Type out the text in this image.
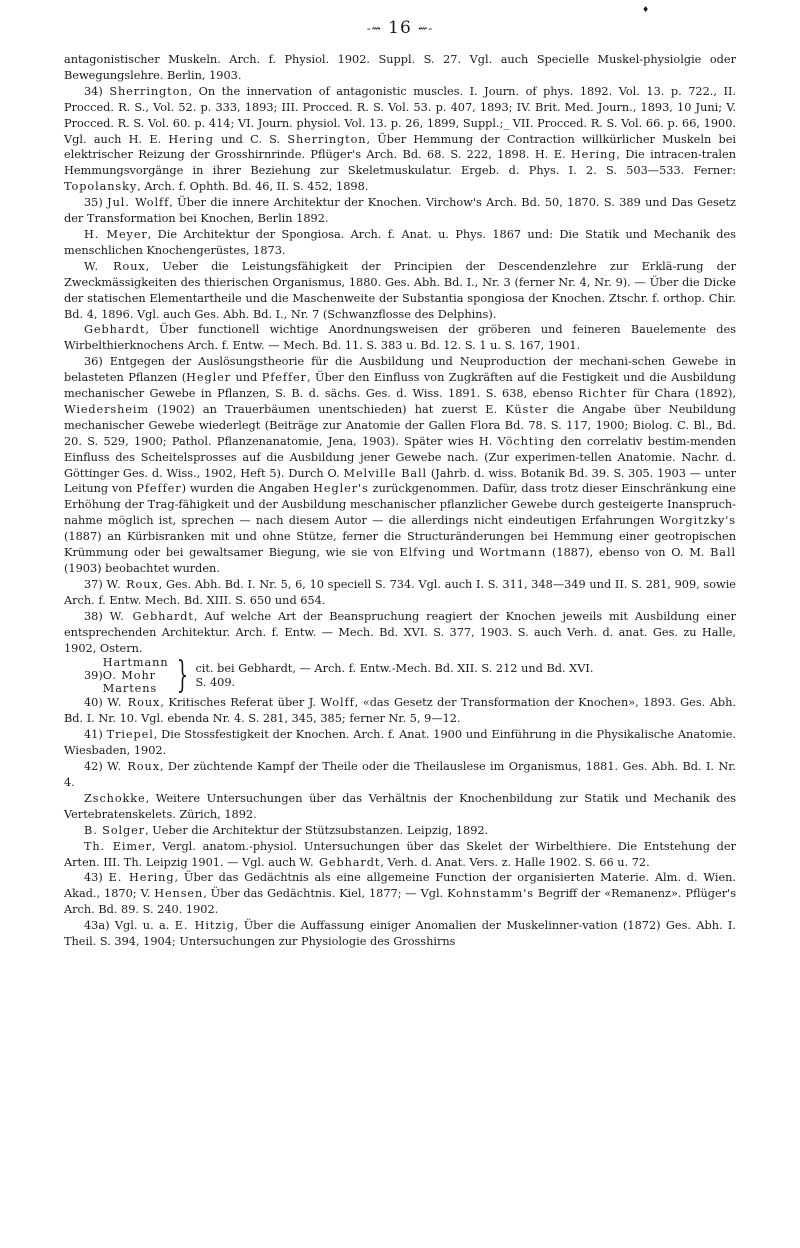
♦
-⇝ 16 ⇜-

antagonistischer Muskeln. Arch. f. Physiol. 1902. Suppl. S. 27. Vgl. auch Specielle Muskel-physiolgie oder Bewegungslehre. Berlin, 1903.

34) Sherrington, On the innervation of antagonistic muscles. I. Journ. of phys. 1892. Vol. 13. p. 722., II. Procced. R. S., Vol. 52. p. 333, 1893; III. Procced. R. S. Vol. 53. p. 407, 1893; IV. Brit. Med. Journ., 1893, 10 Juni; V. Procced. R. S. Vol. 60. p. 414; VI. Journ. physiol. Vol. 13. p. 26, 1899, Suppl.;_ VII. Procced. R. S. Vol. 66. p. 66, 1900. Vgl. auch H. E. Hering und C. S. Sherrington, Über Hemmung der Contraction willkürlicher Muskeln bei elektrischer Reizung der Grosshirnrinde. Pflüger's Arch. Bd. 68. S. 222, 1898. H. E. Hering, Die intracen-tralen Hemmungsvorgänge in ihrer Beziehung zur Skeletmuskulatur. Ergeb. d. Phys. I. 2. S. 503—533. Ferner: Topolansky, Arch. f. Ophth. Bd. 46, II. S. 452, 1898.

35) Jul. Wolff, Über die innere Architektur der Knochen. Virchow's Arch. Bd. 50, 1870. S. 389 und Das Gesetz der Transformation bei Knochen, Berlin 1892.

H. Meyer, Die Architektur der Spongiosa. Arch. f. Anat. u. Phys. 1867 und: Die Statik und Mechanik des menschlichen Knochengerüstes, 1873.

W. Roux, Ueber die Leistungsfähigkeit der Principien der Descendenzlehre zur Erklä-rung der Zweckmässigkeiten des thierischen Organismus, 1880. Ges. Abh. Bd. I., Nr. 3 (ferner Nr. 4, Nr. 9). — Über die Dicke der statischen Elementartheile und die Maschenweite der Substantia spongiosa der Knochen. Ztschr. f. orthop. Chir. Bd. 4, 1896. Vgl. auch Ges. Abh. Bd. I., Nr. 7 (Schwanzflosse des Delphins).

Gebhardt, Über functionell wichtige Anordnungsweisen der gröberen und feineren Bauelemente des Wirbelthierknochens Arch. f. Entw. — Mech. Bd. 11. S. 383 u. Bd. 12. S. 1 u. S. 167, 1901.

36) Entgegen der Auslösungstheorie für die Ausbildung und Neuproduction der mechani-schen Gewebe in belasteten Pflanzen (Hegler und Pfeffer, Über den Einfluss von Zugkräften auf die Festigkeit und die Ausbildung mechanischer Gewebe in Pflanzen, S. B. d. sächs. Ges. d. Wiss. 1891. S. 638, ebenso Richter für Chara (1892), Wiedersheim (1902) an Trauerbäumen unentschieden) hat zuerst E. Küster die Angabe über Neubildung mechanischer Gewebe wiederlegt (Beiträge zur Anatomie der Gallen Flora Bd. 78. S. 117, 1900; Biolog. C. Bl., Bd. 20. S. 529, 1900; Pathol. Pflanzenanatomie, Jena, 1903). Später wies H. Vöchting den correlativ bestim-menden Einfluss des Scheitelsprosses auf die Ausbildung jener Gewebe nach. (Zur experimen-tellen Anatomie. Nachr. d. Göttinger Ges. d. Wiss., 1902, Heft 5). Durch O. Melville Ball (Jahrb. d. wiss. Botanik Bd. 39. S. 305. 1903 — unter Leitung von Pfeffer) wurden die Angaben Hegler's zurückgenommen. Dafür, dass trotz dieser Einschränkung eine Erhöhung der Trag-fähigkeit und der Ausbildung meschanischer pflanzlicher Gewebe durch gesteigerte Inanspruch-nahme möglich ist, sprechen — nach diesem Autor — die allerdings nicht eindeutigen Erfahrungen Worgitzky's (1887) an Kürbisranken mit und ohne Stütze, ferner die Structuränderungen bei Hemmung einer geotropischen Krümmung oder bei gewaltsamer Biegung, wie sie von Elfving und Wortmann (1887), ebenso von O. M. Ball (1903) beobachtet wurden.

37) W. Roux, Ges. Abh. Bd. I. Nr. 5, 6, 10 speciell S. 734. Vgl. auch I. S. 311, 348—349 und II. S. 281, 909, sowie Arch. f. Entw. Mech. Bd. XIII. S. 650 und 654.

38) W. Gebhardt, Auf welche Art der Beanspruchung reagiert der Knochen jeweils mit Ausbildung einer entsprechenden Architektur. Arch. f. Entw. — Mech. Bd. XVI. S. 377, 1903. S. auch Verh. d. anat. Ges. zu Halle, 1902, Ostern.

39)
Hartmann
O. Mohr
Martens } cit. bei Gebhardt, — Arch. f. Entw.-Mech. Bd. XII. S. 212 und Bd. XVI.
S. 409.

40) W. Roux, Kritisches Referat über J. Wolff, «das Gesetz der Transformation der Knochen», 1893. Ges. Abh. Bd. I. Nr. 10. Vgl. ebenda Nr. 4. S. 281, 345, 385; ferner Nr. 5, 9—12.

41) Triepel, Die Stossfestigkeit der Knochen. Arch. f. Anat. 1900 und Einführung in die Physikalische Anatomie. Wiesbaden, 1902.

42) W. Roux, Der züchtende Kampf der Theile oder die Theilauslese im Organismus, 1881. Ges. Abh. Bd. I. Nr. 4.

Zschokke, Weitere Untersuchungen über das Verhältnis der Knochenbildung zur Statik und Mechanik des Vertebratenskelets. Zürich, 1892.

B. Solger, Ueber die Architektur der Stützsubstanzen. Leipzig, 1892.

Th. Eimer, Vergl. anatom.-physiol. Untersuchungen über das Skelet der Wirbelthiere. Die Entstehung der Arten. III. Th. Leipzig 1901. — Vgl. auch W. Gebhardt, Verh. d. Anat. Vers. z. Halle 1902. S. 66 u. 72.

43) E. Hering, Über das Gedächtnis als eine allgemeine Function der organisierten Materie. Alm. d. Wien. Akad., 1870; V. Hensen, Über das Gedächtnis. Kiel, 1877; — Vgl. Kohnstamm's Begriff der «Remanenz». Pflüger's Arch. Bd. 89. S. 240. 1902.

43a) Vgl. u. a. E. Hitzig, Über die Auffassung einiger Anomalien der Muskelinner-vation (1872) Ges. Abh. I. Theil. S. 394, 1904; Untersuchungen zur Physiologie des Grosshirns
